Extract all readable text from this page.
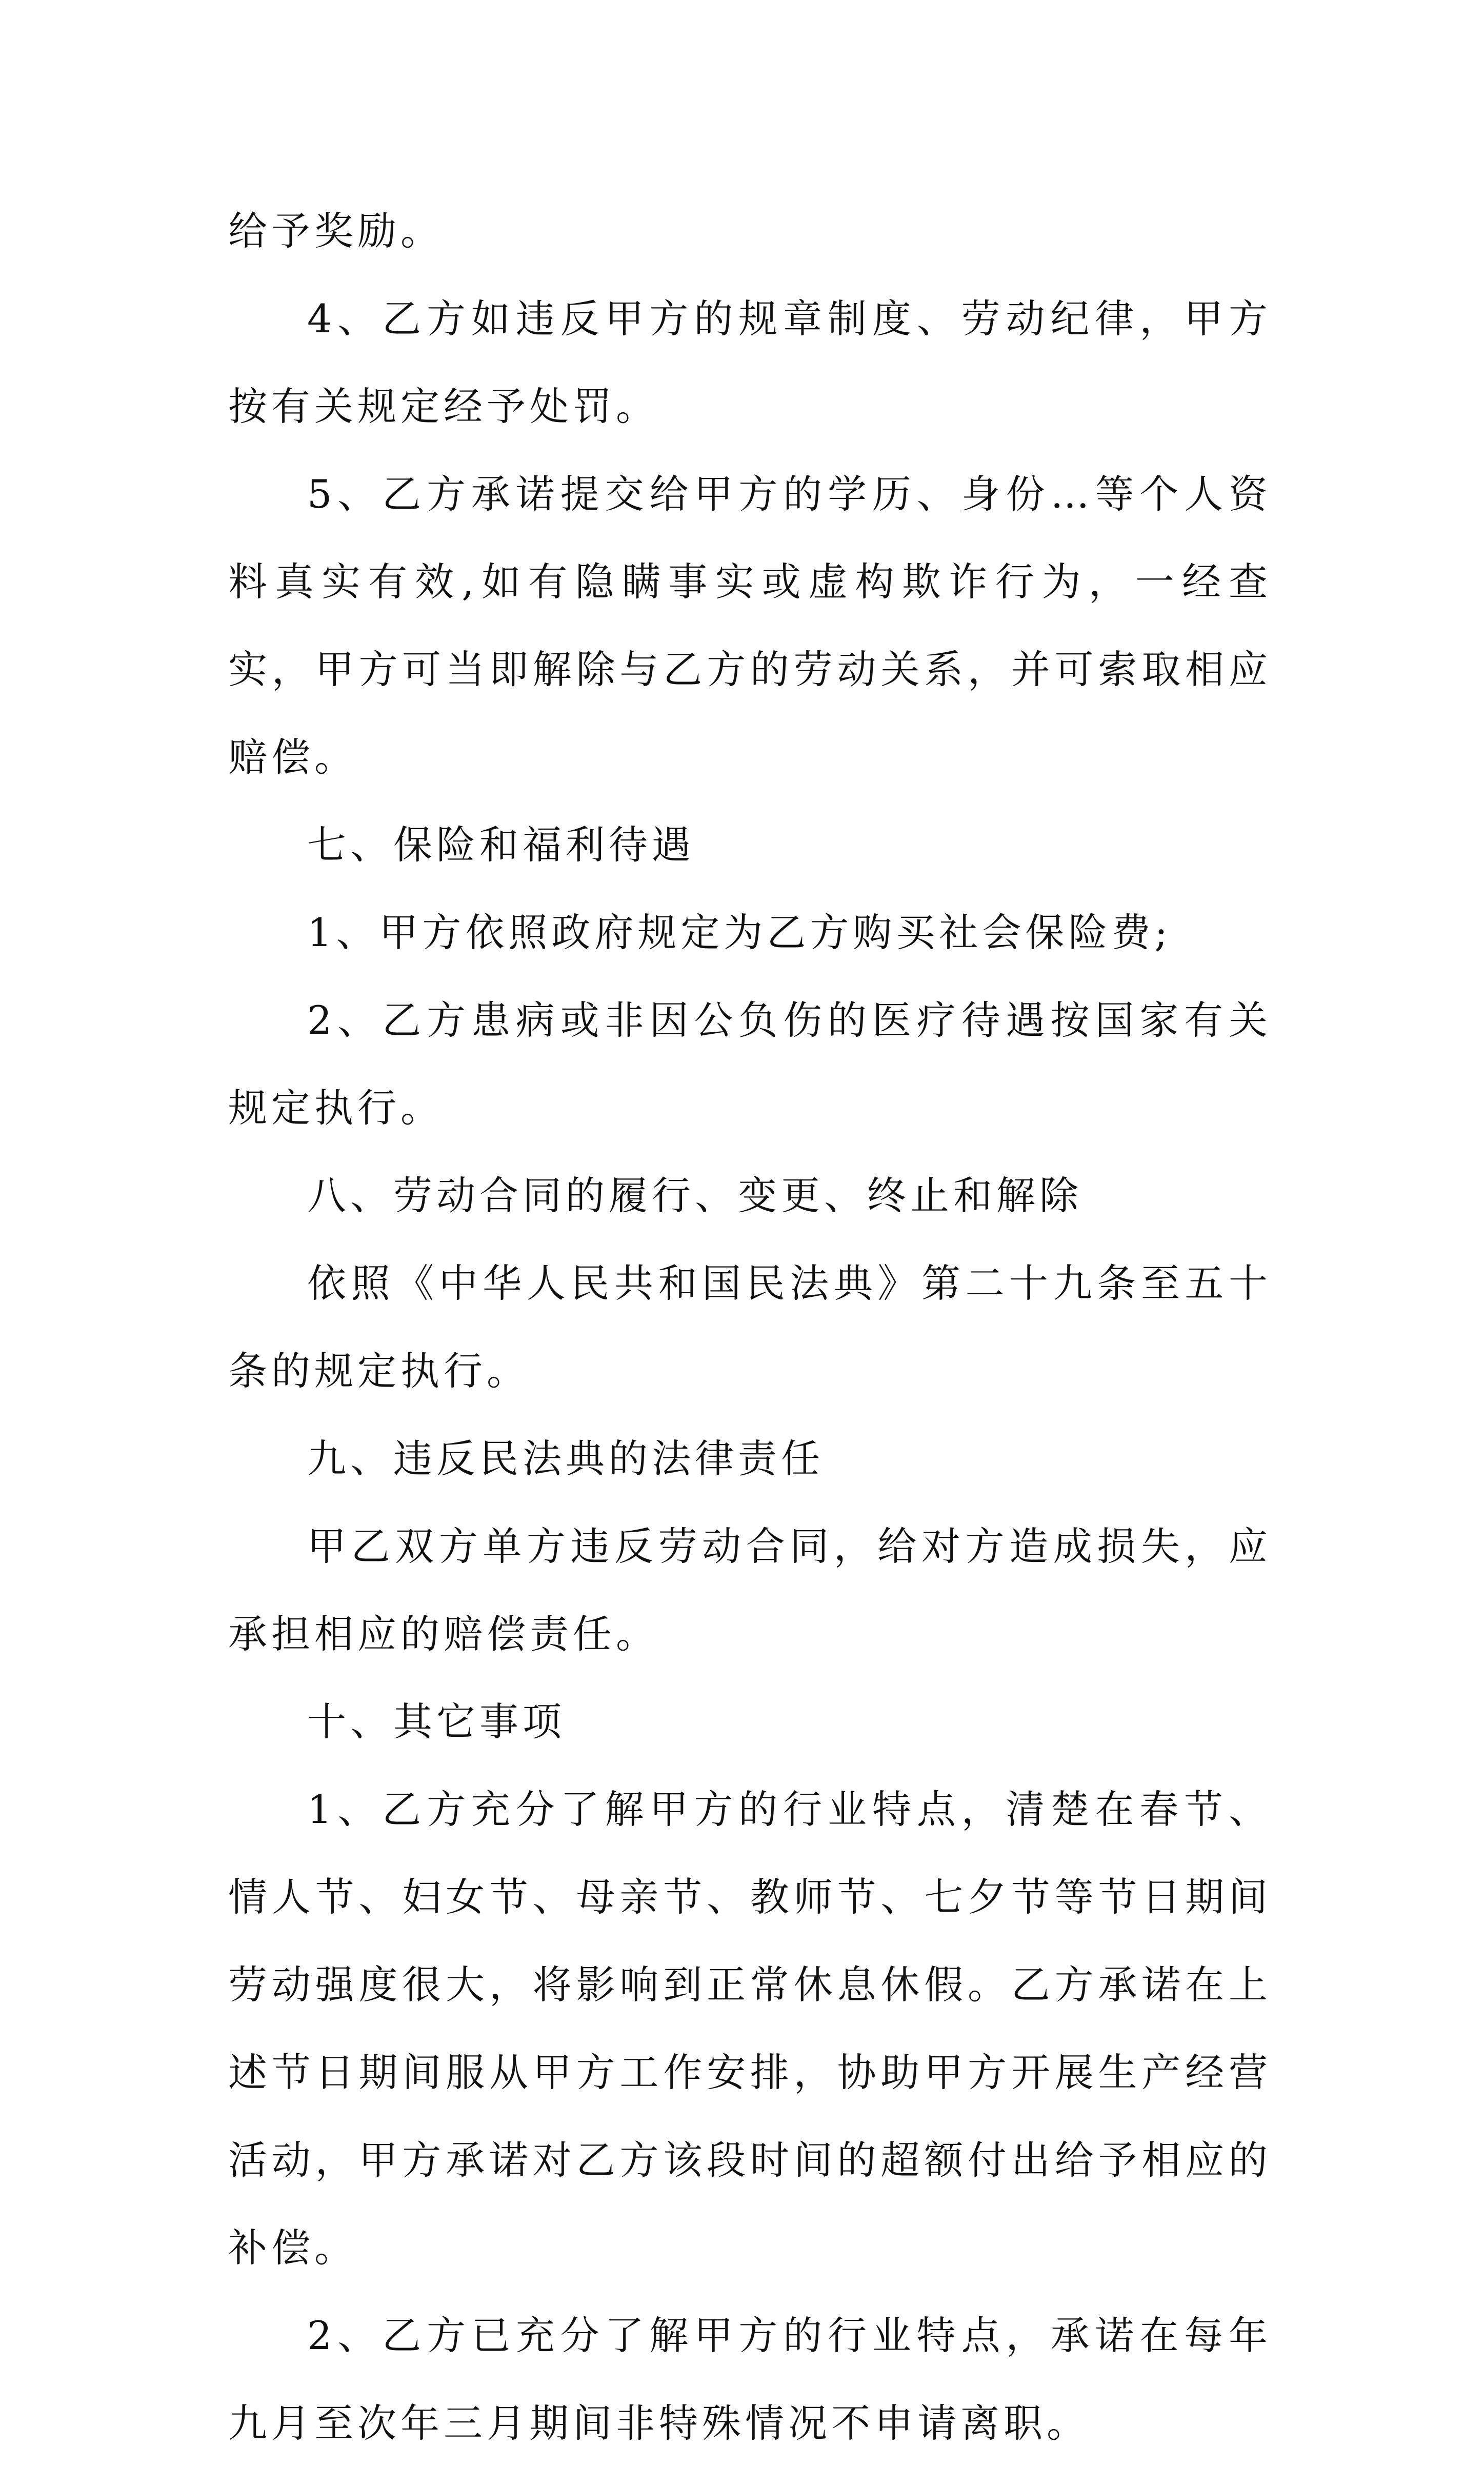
给予奖励。

4、乙方如违反甲方的规章制度、劳动纪律，甲方按有关规定经予处罚。

5、乙方承诺提交给甲方的学历、身份…等个人资料真实有效,如有隐瞒事实或虚构欺诈行为，一经查实，甲方可当即解除与乙方的劳动关系，并可索取相应赔偿。

七、保险和福利待遇

1、甲方依照政府规定为乙方购买社会保险费;

2、乙方患病或非因公负伤的医疗待遇按国家有关规定执行。

八、劳动合同的履行、变更、终止和解除

依照《中华人民共和国民法典》第二十九条至五十条的规定执行。

九、违反民法典的法律责任

甲乙双方单方违反劳动合同，给对方造成损失，应承担相应的赔偿责任。

十、其它事项

1、乙方充分了解甲方的行业特点，清楚在春节、情人节、妇女节、母亲节、教师节、七夕节等节日期间劳动强度很大，将影响到正常休息休假。乙方承诺在上述节日期间服从甲方工作安排，协助甲方开展生产经营活动，甲方承诺对乙方该段时间的超额付出给予相应的补偿。

2、乙方已充分了解甲方的行业特点，承诺在每年九月至次年三月期间非特殊情况不申请离职。
